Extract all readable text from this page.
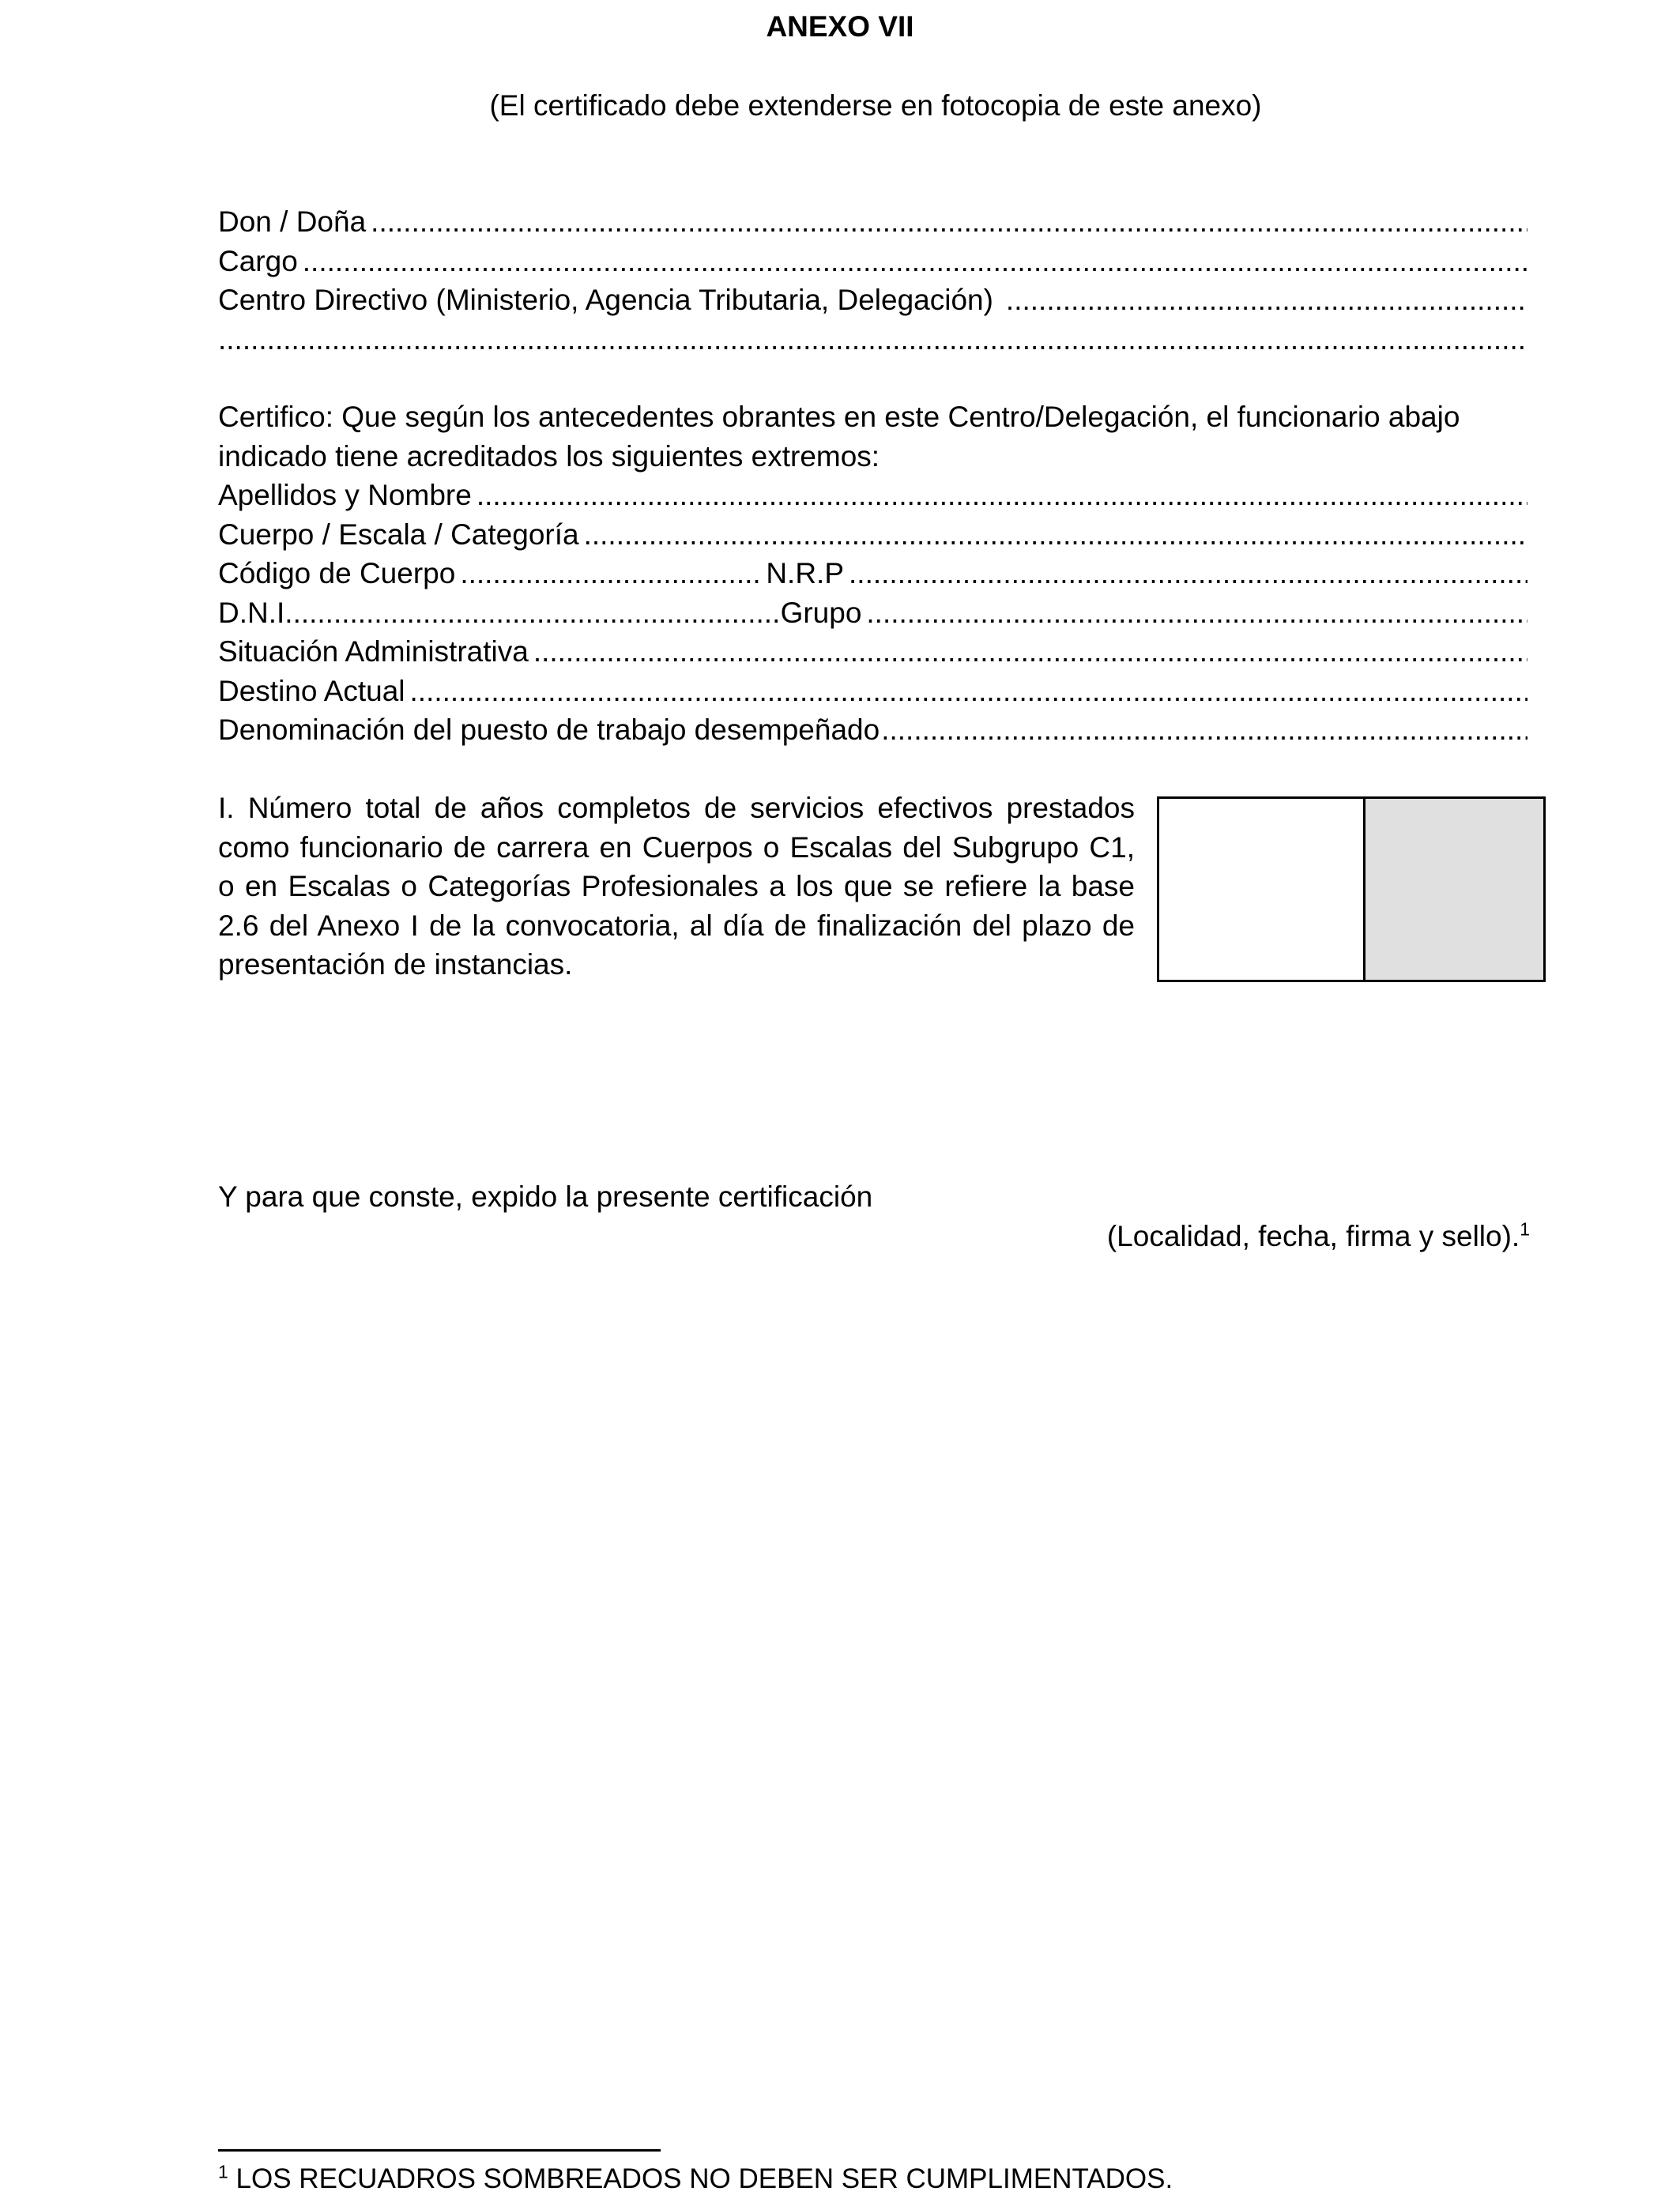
ANEXO VII
(El certificado debe extenderse en fotocopia de este anexo)
Don / Doña
.....
Cargo
.....
Centro Directivo (Ministerio, Agencia Tributaria, Delegación)
.....
.....
Certifico: Que según los antecedentes obrantes en este Centro/Delegación, el funcionario abajo indicado tiene acreditados los siguientes extremos:
Apellidos y Nombre
.....
Cuerpo / Escala / Categoría
.....
Código de Cuerpo .....	N.R.P
.....
D.N.I. .....	Grupo
.....
Situación Administrativa
.....
Destino Actual
.....
Denominación del puesto de trabajo desempeñado
.....
I. Número total de años completos de servicios efectivos prestados como funcionario de carrera en Cuerpos o Escalas del Subgrupo C1, o en Escalas o Categorías Profesionales a los que se refiere la base 2.6 del Anexo I de la convocatoria, al día de finalización del plazo de presentación de instancias.
Y para que conste, expido la presente certificación
(Localidad, fecha, firma y sello).$^1$
$^1$ LOS RECUADROS SOMBREADOS NO DEBEN SER CUMPLIMENTADOS.
